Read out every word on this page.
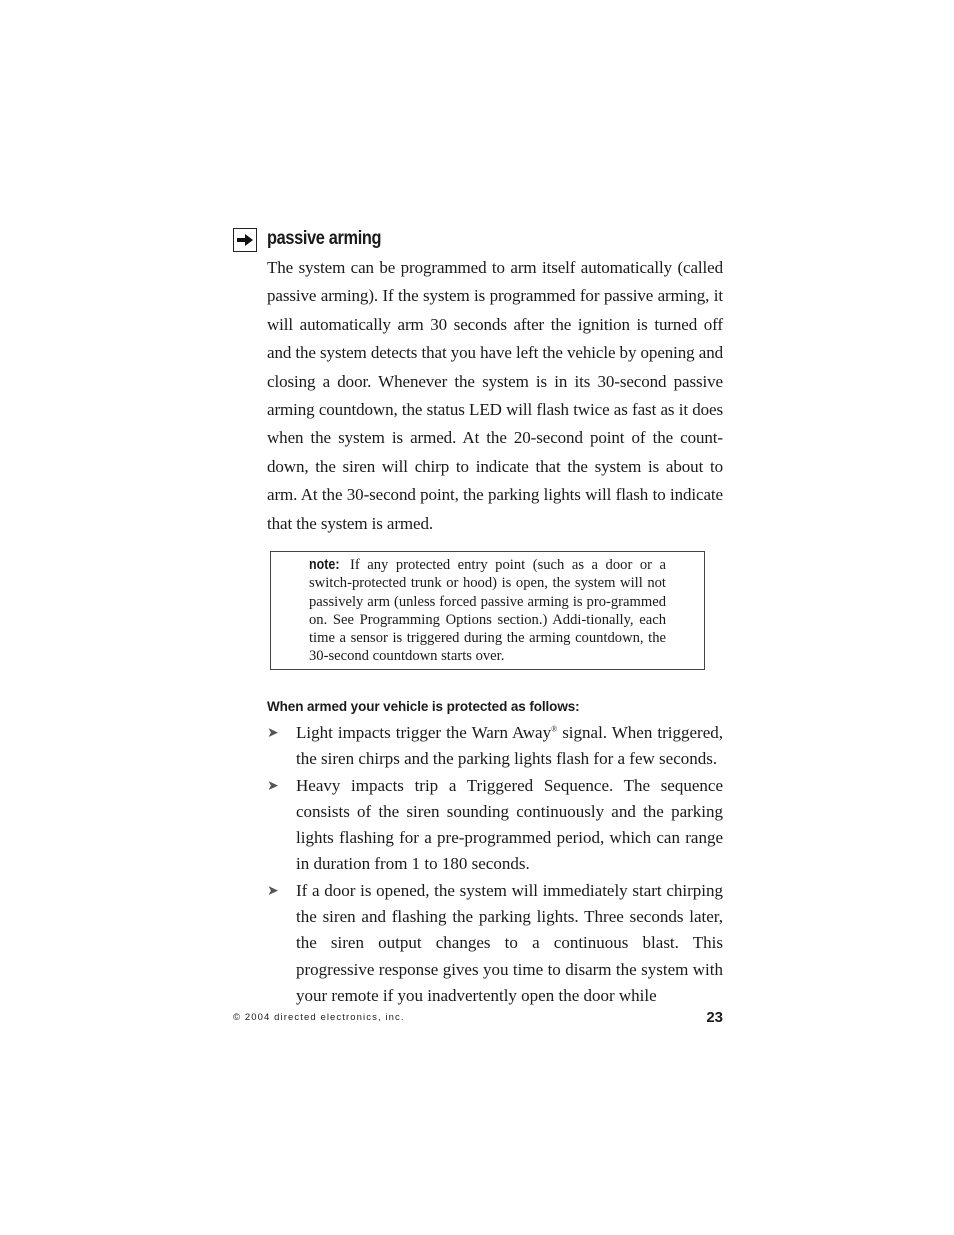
passive arming

The system can be programmed to arm itself automatically (called passive arming). If the system is programmed for passive arming, it will automatically arm 30 seconds after the ignition is turned off and the system detects that you have left the vehicle by opening and closing a door. Whenever the system is in its 30-second passive arming countdown, the status LED will flash twice as fast as it does when the system is armed. At the 20-second point of the count-down, the siren will chirp to indicate that the system is about to arm. At the 30-second point, the parking lights will flash to indicate that the system is armed.

note: If any protected entry point (such as a door or a switch-protected trunk or hood) is open, the system will not passively arm (unless forced passive arming is pro-grammed on. See Programming Options section.) Addi-tionally, each time a sensor is triggered during the arming countdown, the 30-second countdown starts over.

When armed your vehicle is protected as follows:
➤ Light impacts trigger the Warn Away® signal. When triggered, the siren chirps and the parking lights flash for a few seconds.
➤ Heavy impacts trip a Triggered Sequence. The sequence consists of the siren sounding continuously and the parking lights flashing for a pre-programmed period, which can range in duration from 1 to 180 seconds.
➤ If a door is opened, the system will immediately start chirping the siren and flashing the parking lights. Three seconds later, the siren output changes to a continuous blast. This progressive response gives you time to disarm the system with your remote if you inadvertently open the door while
© 2004 directed electronics, inc.	23
